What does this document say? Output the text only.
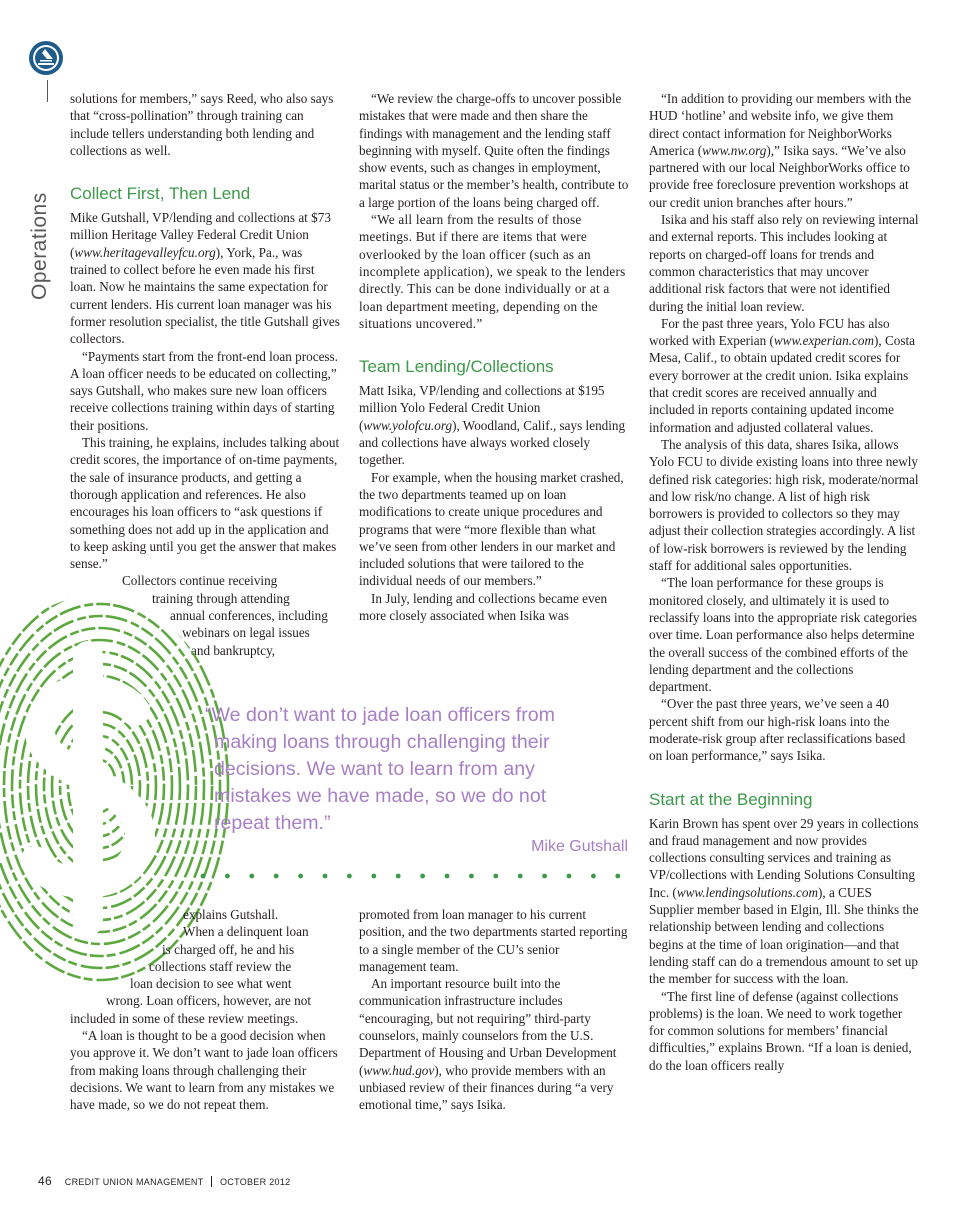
Operations

solutions for members,” says Reed, who also says that “cross-pollination” through training can include tellers understanding both lending and collections as well.

Collect First, Then Lend

Mike Gutshall, VP/lending and collections at $73 million Heritage Valley Federal Credit Union (www.heritagevalleyfcu.org), York, Pa., was trained to collect before he even made his first loan. Now he maintains the same expectation for current lenders. His current loan manager was his former resolution specialist, the title Gutshall gives collectors.

“Payments start from the front-end loan process. A loan officer needs to be educated on collecting,” says Gutshall, who makes sure new loan officers receive collections training within days of starting their positions.

This training, he explains, includes talking about credit scores, the importance of on-time payments, the sale of insurance products, and getting a thorough application and references. He also encourages his loan officers to “ask questions if something does not add up in the application and to keep asking until you get the answer that makes sense.”

Collectors continue receiving
training through attending
annual conferences, including
webinars on legal issues
and bankruptcy,

“We review the charge-offs to uncover possible mistakes that were made and then share the findings with management and the lending staff beginning with myself. Quite often the findings show events, such as changes in employment, marital status or the member’s health, contribute to a large portion of the loans being charged off.

“We all learn from the results of those meetings. But if there are items that were overlooked by the loan officer (such as an incomplete application), we speak to the lenders directly. This can be done individually or at a loan department meeting, depending on the situations uncovered.”

Team Lending/Collections

Matt Isika, VP/lending and collections at $195 million Yolo Federal Credit Union (www.yolofcu.org), Woodland, Calif., says lending and collections have always worked closely together.

For example, when the housing market crashed, the two departments teamed up on loan modifications to create unique procedures and programs that were “more flexible than what we’ve seen from other lenders in our market and included solutions that were tailored to the individual needs of our members.”

In July, lending and collections became even more closely associated when Isika was

“In addition to providing our members with the HUD ‘hotline’ and website info, we give them direct contact information for NeighborWorks America (www.nw.org),” Isika says. “We’ve also partnered with our local NeighborWorks office to provide free foreclosure prevention workshops at our credit union branches after hours.”

Isika and his staff also rely on reviewing internal and external reports. This includes looking at reports on charged-off loans for trends and common characteristics that may uncover additional risk factors that were not identified during the initial loan review.

For the past three years, Yolo FCU has also worked with Experian (www.experian.com), Costa Mesa, Calif., to obtain updated credit scores for every borrower at the credit union. Isika explains that credit scores are received annually and included in reports containing updated income information and adjusted collateral values.

The analysis of this data, shares Isika, allows Yolo FCU to divide existing loans into three newly defined risk categories: high risk, moderate/normal and low risk/no change. A list of high risk borrowers is provided to collectors so they may adjust their collection strategies accordingly. A list of low-risk borrowers is reviewed by the lending staff for additional sales opportunities.

“The loan performance for these groups is monitored closely, and ultimately it is used to reclassify loans into the appropriate risk categories over time. Loan performance also helps determine the overall success of the combined efforts of the lending department and the collections department.

“Over the past three years, we’ve seen a 40 percent shift from our high-risk loans into the moderate-risk group after reclassifications based on loan performance,” says Isika.

Start at the Beginning

Karin Brown has spent over 29 years in collections and fraud management and now provides collections consulting services and training as VP/collections with Lending Solutions Consulting Inc. (www.lendingsolutions.com), a CUES Supplier member based in Elgin, Ill. She thinks the relationship between lending and collections begins at the time of loan origination—and that lending staff can do a tremendous amount to set up the member for success with the loan.

“The first line of defense (against collections problems) is the loan. We need to work together for common solutions for members’ financial difficulties,” explains Brown. “If a loan is denied, do the loan officers really

“We don’t want to jade loan officers from
making loans through challenging their
decisions. We want to learn from any
mistakes we have made, so we do not
repeat them.”
Mike Gutshall
explains Gutshall.
When a delinquent loan
is charged off, he and his
collections staff review the
loan decision to see what went
wrong. Loan officers, however, are not

included in some of these review meetings.

“A loan is thought to be a good decision when you approve it. We don’t want to jade loan officers from making loans through challenging their decisions. We want to learn from any mistakes we have made, so we do not repeat them.

promoted from loan manager to his current position, and the two departments started reporting to a single member of the CU’s senior management team.

An important resource built into the communication infrastructure includes “encouraging, but not requiring” third-party counselors, mainly counselors from the U.S. Department of Housing and Urban Development (www.hud.gov), who provide members with an unbiased review of their finances during “a very emotional time,” says Isika.

46 CREDIT UNION MANAGEMENT OCTOBER 2012
